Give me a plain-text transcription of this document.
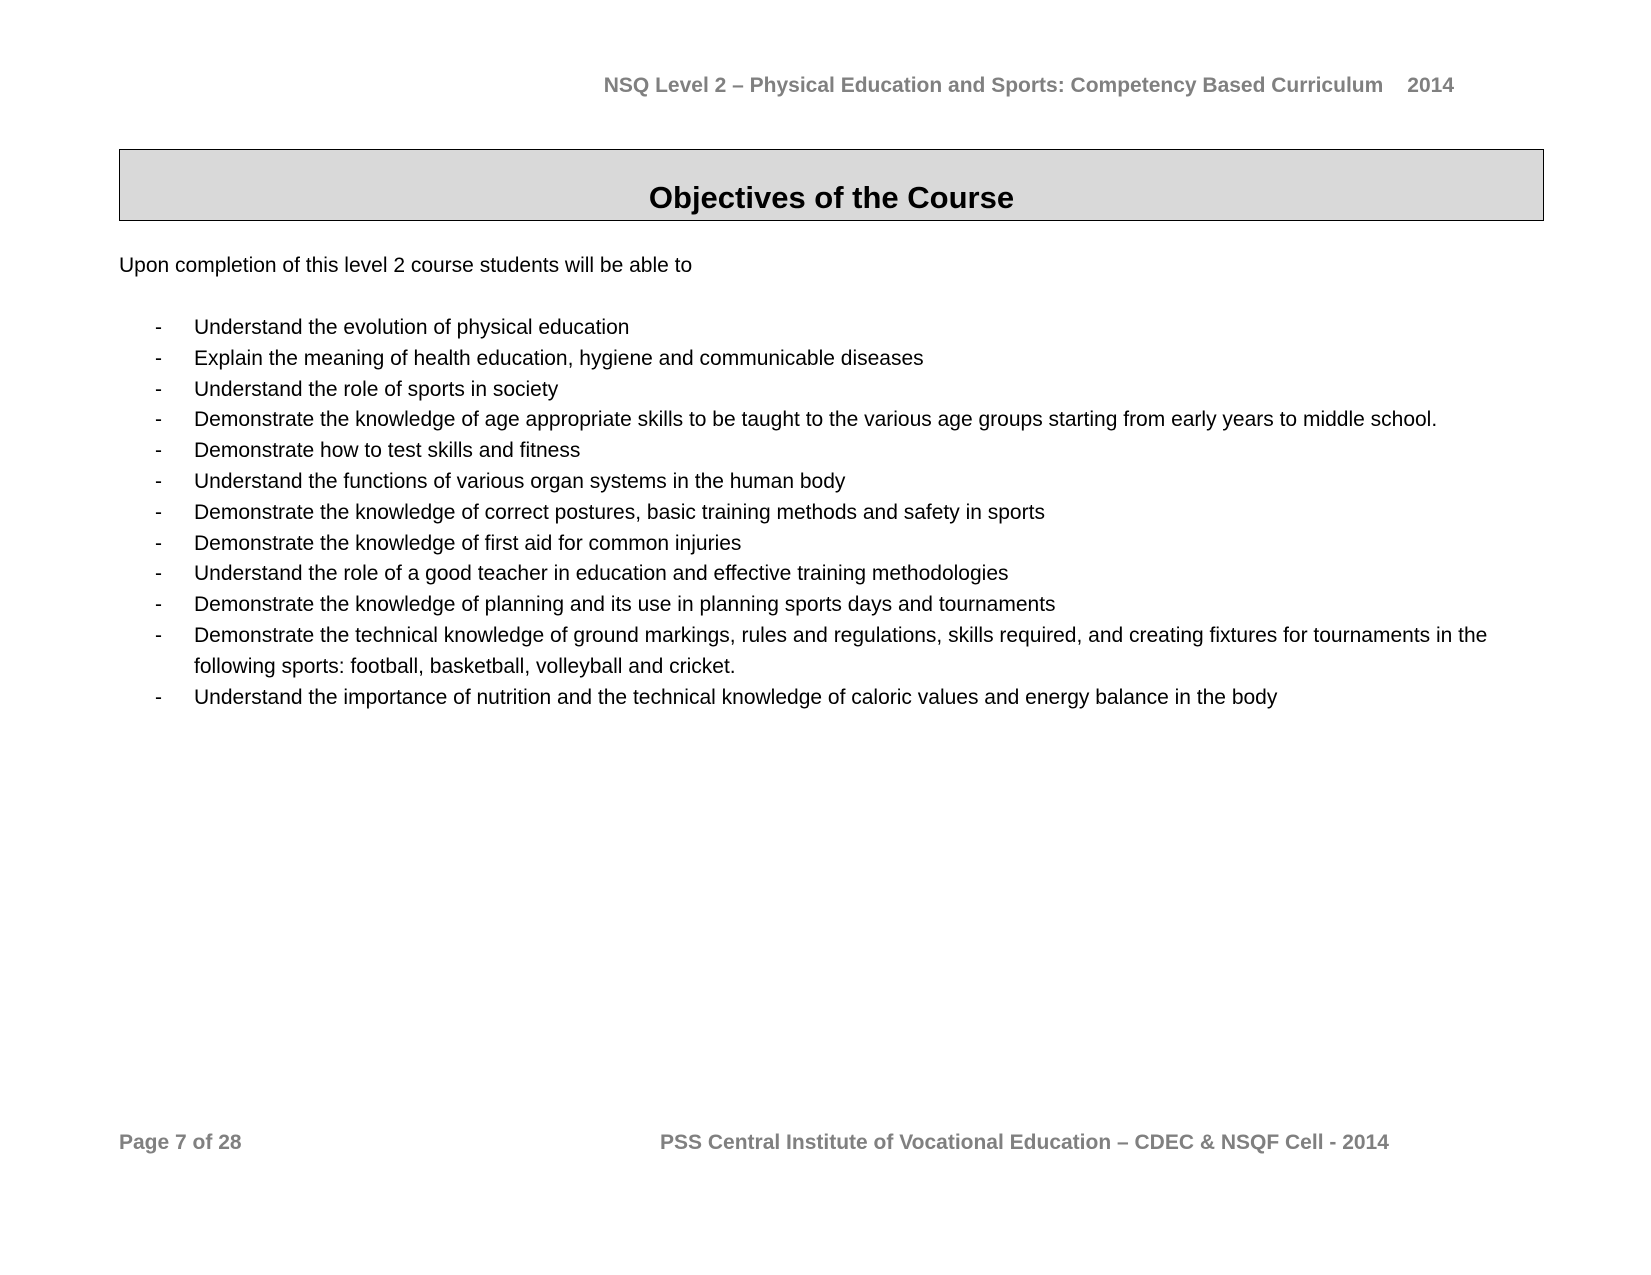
NSQ Level 2 – Physical Education and Sports: Competency Based Curriculum 2014
Objectives of the Course

Upon completion of this level 2 course students will be able to

- Understand the evolution of physical education
- Explain the meaning of health education, hygiene and communicable diseases
- Understand the role of sports in society
- Demonstrate the knowledge of age appropriate skills to be taught to the various age groups starting from early years to middle school.
- Demonstrate how to test skills and fitness
- Understand the functions of various organ systems in the human body
- Demonstrate the knowledge of correct postures, basic training methods and safety in sports
- Demonstrate the knowledge of first aid for common injuries
- Understand the role of a good teacher in education and effective training methodologies
- Demonstrate the knowledge of planning and its use in planning sports days and tournaments
- Demonstrate the technical knowledge of ground markings, rules and regulations, skills required, and creating fixtures for tournaments in the following sports: football, basketball, volleyball and cricket.
- Understand the importance of nutrition and the technical knowledge of caloric values and energy balance in the body
Page 7 of 28	PSS Central Institute of Vocational Education – CDEC & NSQF Cell - 2014
